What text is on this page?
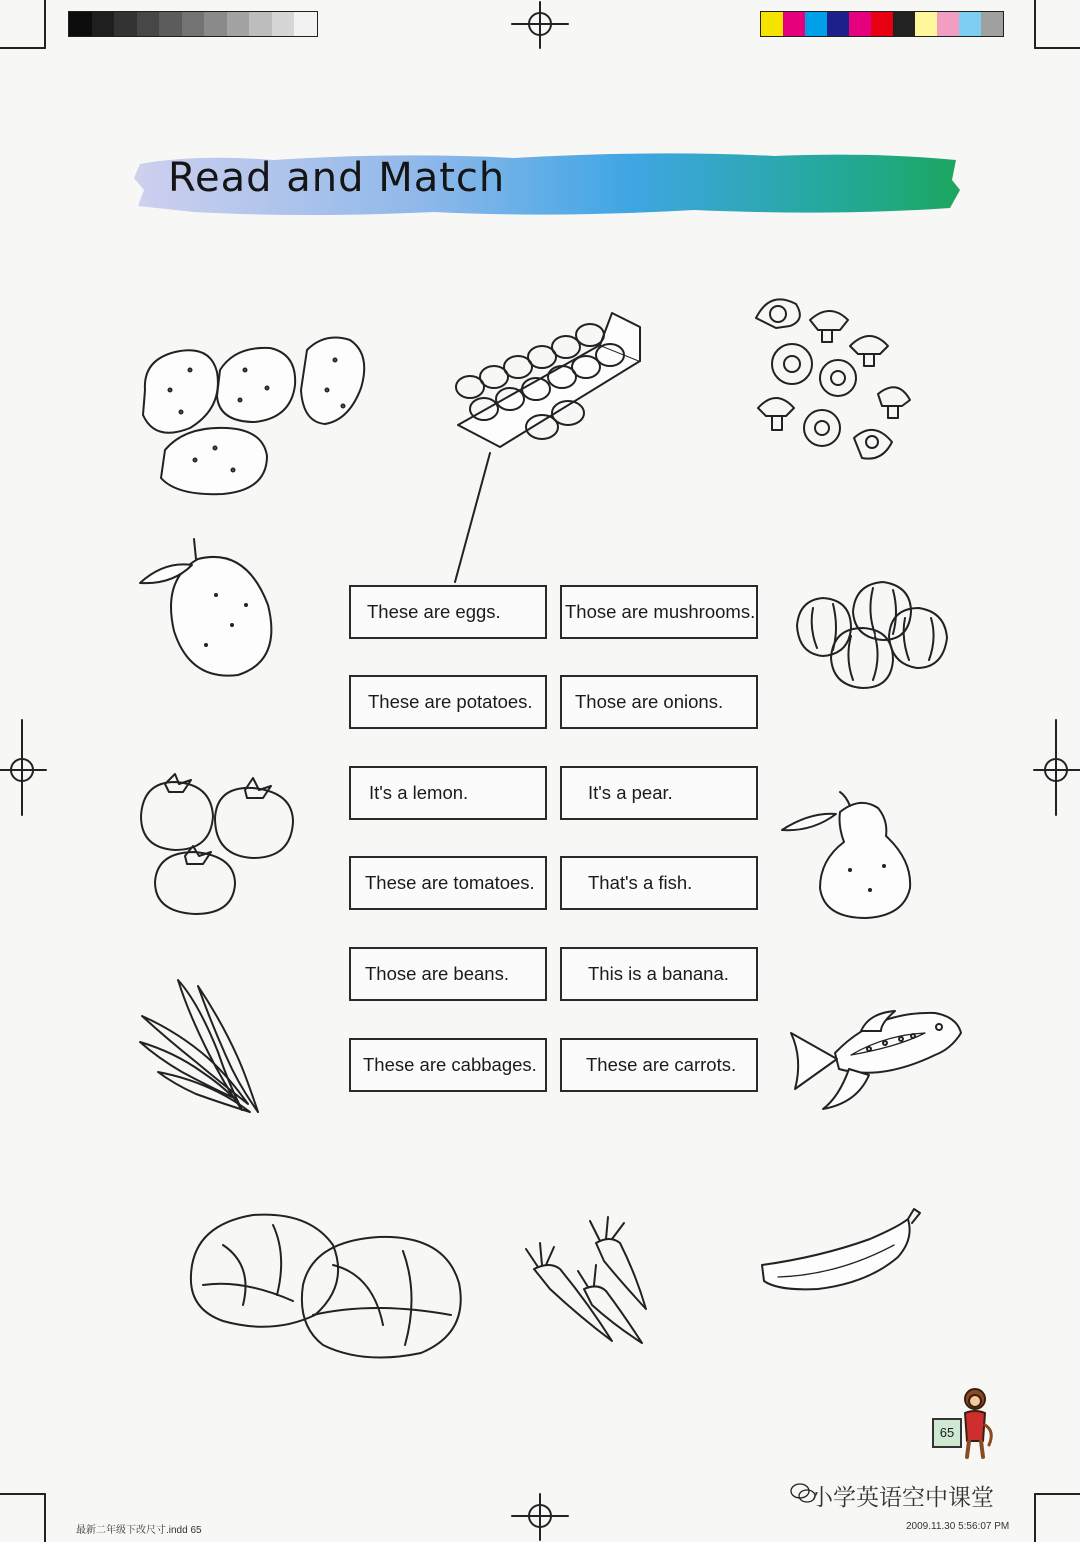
Read and Match
These are eggs.	Those are mushrooms.
These are potatoes.	Those are onions.
It's a lemon.	It's a pear.
These are tomatoes.	That's a fish.
Those are beans.	This is a banana.
These are cabbages.	These are carrots.
65
小学英语空中课堂
最新二年级下改尺寸.indd 65	2009.11.30 5:56:07 PM
